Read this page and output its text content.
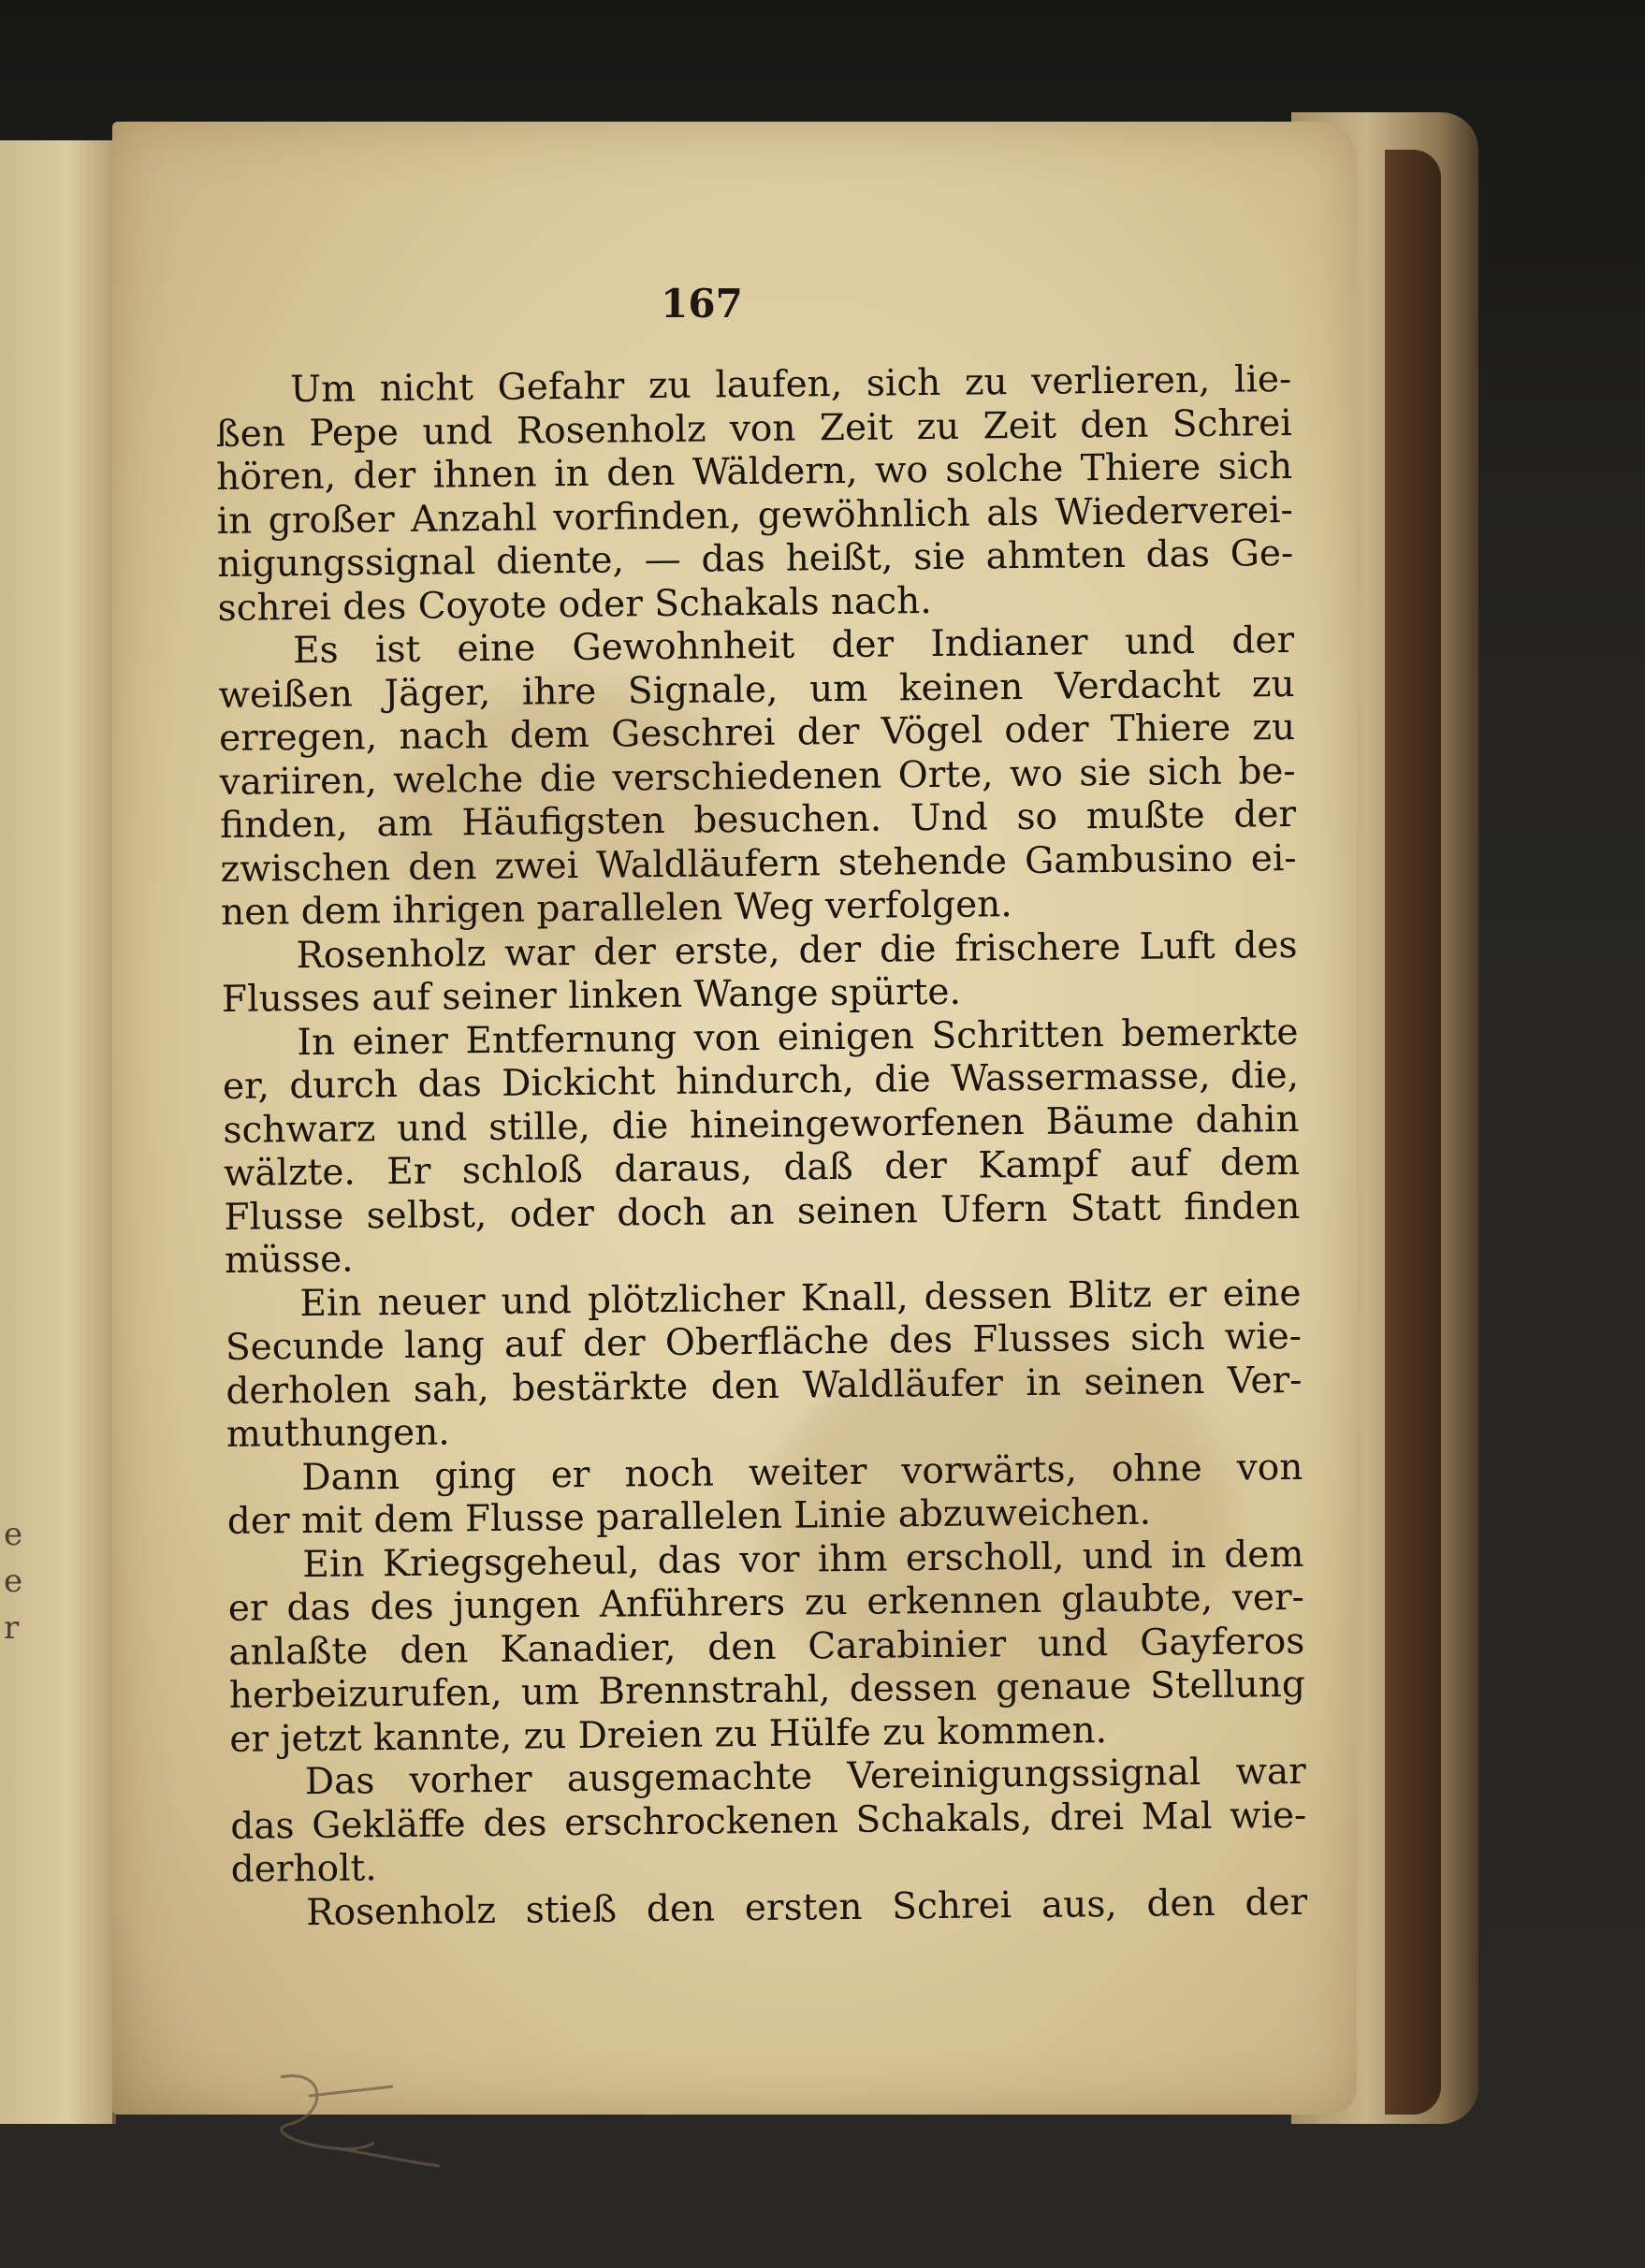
e
e
r
167
Um nicht Gefahr zu laufen, sich zu verlieren, lie-
ßen Pepe und Rosenholz von Zeit zu Zeit den Schrei
hören, der ihnen in den Wäldern, wo solche Thiere sich
in großer Anzahl vorfinden, gewöhnlich als Wiederverei-
nigungssignal diente, — das heißt, sie ahmten das Ge-
schrei des Coyote oder Schakals nach.
Es ist eine Gewohnheit der Indianer und der
weißen Jäger, ihre Signale, um keinen Verdacht zu
erregen, nach dem Geschrei der Vögel oder Thiere zu
variiren, welche die verschiedenen Orte, wo sie sich be-
finden, am Häufigsten besuchen. Und so mußte der
zwischen den zwei Waldläufern stehende Gambusino ei-
nen dem ihrigen parallelen Weg verfolgen.
Rosenholz war der erste, der die frischere Luft des
Flusses auf seiner linken Wange spürte.
In einer Entfernung von einigen Schritten bemerkte
er, durch das Dickicht hindurch, die Wassermasse, die,
schwarz und stille, die hineingeworfenen Bäume dahin
wälzte. Er schloß daraus, daß der Kampf auf dem
Flusse selbst, oder doch an seinen Ufern Statt finden
müsse.
Ein neuer und plötzlicher Knall, dessen Blitz er eine
Secunde lang auf der Oberfläche des Flusses sich wie-
derholen sah, bestärkte den Waldläufer in seinen Ver-
muthungen.
Dann ging er noch weiter vorwärts, ohne von
der mit dem Flusse parallelen Linie abzuweichen.
Ein Kriegsgeheul, das vor ihm erscholl, und in dem
er das des jungen Anführers zu erkennen glaubte, ver-
anlaßte den Kanadier, den Carabinier und Gayferos
herbeizurufen, um Brennstrahl, dessen genaue Stellung
er jetzt kannte, zu Dreien zu Hülfe zu kommen.
Das vorher ausgemachte Vereinigungssignal war
das Gekläffe des erschrockenen Schakals, drei Mal wie-
derholt.
Rosenholz stieß den ersten Schrei aus, den der
